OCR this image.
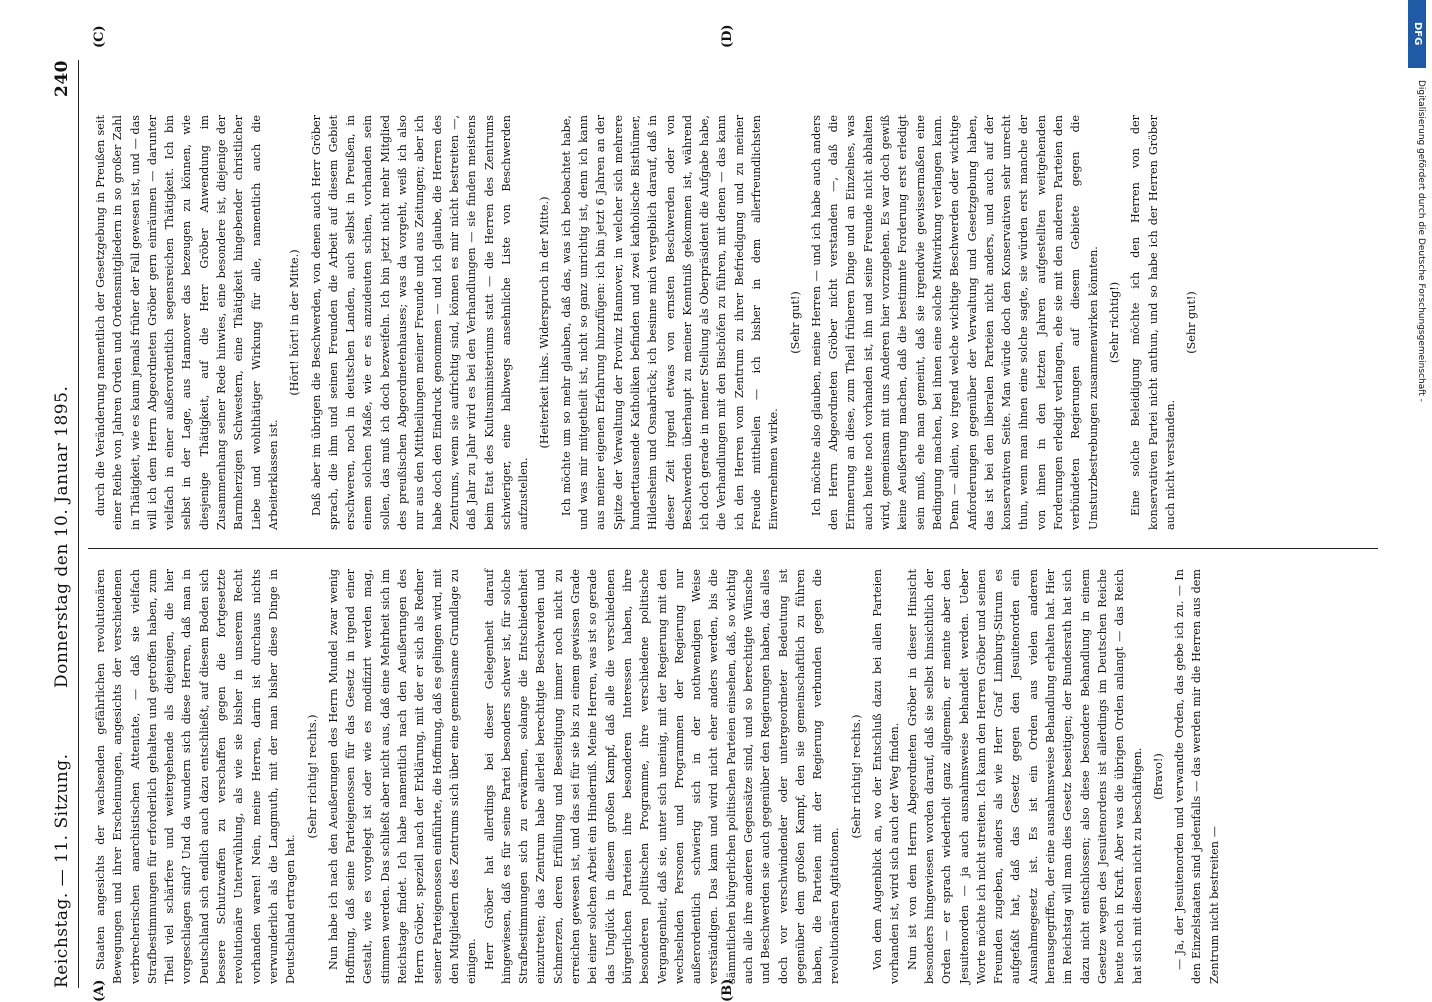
DFG
Digitalisierung gefördert durch die Deutsche Forschungsgemeinschaft -
Reichstag. — 11. Sitzung.
Donnerstag den 10. Januar 1895.
240
(A)	(B)
(C)	(D)

Staaten angesichts der wachsenden gefährlichen revolutionären Bewegungen und ihrer Erscheinungen, angesichts der verschiedenen verbrecherischen anarchistischen Attentate, — daß sie vielfach Strafbestimmungen für erforderlich gehalten und getroffen haben, zum Theil viel schärfere und weitergehende als diejenigen, die hier vorgeschlagen sind? Und da wundern sich diese Herren, daß man in Deutschland sich endlich auch dazu entschließt, auf diesem Boden sich bessere Schutzwaffen zu verschaffen gegen die fortgesetzte revolutionäre Unterwühlung, als wie sie bisher in unserem Recht vorhanden waren! Nein, meine Herren, darin ist durchaus nichts verwunderlich als die Langmuth, mit der man bisher diese Dinge in Deutschland ertragen hat.

(Sehr richtig! rechts.) Nun habe ich nach den Aeußerungen des Herrn Mundel zwar wenig Hoffnung, daß seine Parteigenossen für das Gesetz in irgend einer Gestalt, wie es vorgelegt ist oder wie es modifizirt werden mag, stimmen werden. Das schließt aber nicht aus, daß eine Mehrheit sich im Reichstage findet. Ich habe namentlich nach den Aeußerungen des Herrn Gröber, speziell nach der Erklärung, mit der er sich als Redner seiner Parteigenossen einführte, die Hoffnung, daß es gelingen wird, mit den Mitgliedern des Zentrums sich über eine gemeinsame Grundlage zu einigen. Herr Gröber hat allerdings bei dieser Gelegenheit darauf hingewiesen, daß es für seine Partei besonders schwer ist, für solche Strafbestimmungen sich zu erwärmen, solange die Entschiedenheit einzutreten; das Zentrum habe allerlei berechtigte Beschwerden und Schmerzen, deren Erfüllung und Beseitigung immer noch nicht zu erreichen gewesen ist, und das sei für sie bis zu einem gewissen Grade bei einer solchen Arbeit ein Hinderniß. Meine Herren, was ist so gerade das Unglück in diesem großen Kampf, daß alle die verschiedenen bürgerlichen Parteien ihre besonderen Interessen haben, ihre besonderen politischen Programme, ihre verschiedene politische Vergangenheit, daß sie, unter sich uneinig, mit der Regierung mit den wechselnden Personen und Programmen der Regierung nur außerordentlich schwierig sich in der nothwendigen Weise verständigen. Das kann und wird nicht eher anders werden, bis die sämmtlichen bürgerlichen politischen Parteien einsehen, daß, so wichtig auch alle ihre anderen Gegensätze sind, und so berechtigte Wünsche und Beschwerden sie auch gegenüber den Regierungen haben, das alles doch vor verschwindender oder untergeordneter Bedeutung ist gegenüber dem großen Kampf, den sie gemeinschaftlich zu führen haben, die Parteien mit der Regierung verbunden gegen die revolutionären Agitationen.

(Sehr richtig! rechts.) Von dem Augenblick an, wo der Entschluß dazu bei allen Parteien vorhanden ist, wird sich auch der Weg finden. Nun ist von dem Herrn Abgeordneten Gröber in dieser Hinsicht besonders hingewiesen worden darauf, daß sie selbst hinsichtlich der Orden — er sprach wiederholt ganz allgemein, er meinte aber den Jesuitenorden — ja auch ausnahmsweise behandelt werden. Ueber Worte möchte ich nicht streiten. Ich kann den Herren Gröber und seinen Freunden zugeben, anders als wie Herr Graf Limburg-Stirum es aufgefaßt hat, daß das Gesetz gegen den Jesuitenorden ein Ausnahmegesetz ist. Es ist ein Orden aus vielen anderen herausgegriffen, der eine ausnahmsweise Behandlung erhalten hat. Hier im Reichstag will man dies Gesetz beseitigen; der Bundesrath hat sich dazu nicht entschlossen; also diese besondere Behandlung in einem Gesetze wegen des Jesuitenordens ist allerdings im Deutschen Reiche heute noch in Kraft. Aber was die übrigen Orden anlangt — das Reich hat sich mit diesen nicht zu beschäftigen. (Bravo!) — Ja, der Jesuitenorden und verwandte Orden, das gebe ich zu. — In den Einzelstaaten sind jedenfalls — das werden mir die Herren aus dem Zentrum nicht bestreiten —

durch die Veränderung namentlich der Gesetzgebung in Preußen seit einer Reihe von Jahren Orden und Ordensmitgliedern in so großer Zahl in Thätigkeit, wie es kaum jemals früher der Fall gewesen ist, und — das will ich dem Herrn Abgeordneten Gröber gern einräumen — darunter vielfach in einer außerordentlich segensreichen Thätigkeit. Ich bin selbst in der Lage, aus Hannover das bezeugen zu können, wie diesjenige Thätigkeit, auf die Herr Gröber Anwendung im Zusammenhang seiner Rede hinwies, eine besondere ist, diejenige der Barmherzigen Schwestern, eine Thätigkeit hingebender christlicher Liebe und wohlthätiger Wirkung für alle, namentlich auch die Arbeiterklassen ist.

(Hört! hört! in der Mitte.) Daß aber im übrigen die Beschwerden, von denen auch Herr Gröber sprach, die ihm und seinen Freunden die Arbeit auf diesem Gebiet erschweren, noch in deutschen Landen, auch selbst in Preußen, in einem solchen Maße, wie er es anzudeuten schien, vorhanden sein sollen, das muß ich doch bezweifeln. Ich bin jetzt nicht mehr Mitglied des preußischen Abgeordnetenhauses; was da vorgeht, weiß ich also nur aus den Mittheilungen meiner Freunde und aus Zeitungen; aber ich habe doch den Eindruck genommen — und ich glaube, die Herren des Zentrums, wenn sie aufrichtig sind, können es mir nicht bestreiten —, daß Jahr zu Jahr wird es bei den Verhandlungen — sie finden meistens beim Etat des Kultusministeriums statt — die Herren des Zentrums schwieriger, eine halbwegs ansehnliche Liste von Beschwerden aufzustellen.

(Heiterkeit links. Widerspruch in der Mitte.) Ich möchte um so mehr glauben, daß das, was ich beobachtet habe, und was mir mitgetheilt ist, nicht so ganz unrichtig ist, denn ich kann aus meiner eigenen Erfahrung hinzufügen: ich bin jetzt 6 Jahren an der Spitze der Verwaltung der Provinz Hannover, in welcher sich mehrere hunderttausende Katholiken befinden und zwei katholische Bisthümer, Hildesheim und Osnabrück; ich besinne mich vergeblich darauf, daß in dieser Zeit irgend etwas von ernsten Beschwerden oder von Beschwerden überhaupt zu meiner Kenntniß gekommen ist, während ich doch gerade in meiner Stellung als Oberpräsident die Aufgabe habe, die Verhandlungen mit den Bischöfen zu führen, mit denen — das kann ich den Herren vom Zentrum zu ihrer Befriedigung und zu meiner Freude mittheilen — ich bisher in dem allerfreundlichsten Einvernehmen wirke.

(Sehr gut!) Ich möchte also glauben, meine Herren — und ich habe auch anders den Herrn Abgeordneten Gröber nicht verstanden —, daß die Erinnerung an diese, zum Theil früheren Dinge und an Einzelnes, was auch heute noch vorhanden ist, ihn und seine Freunde nicht abhalten wird, gemeinsam mit uns Anderen hier vorzugehen. Es war doch gewiß keine Aeußerung machen, daß die bestimmte Forderung erst erledigt sein muß, ehe man gemeint, daß sie irgendwie gewissermaßen eine Bedingung machen, bei ihnen eine solche Mitwirkung verlangen kann. Denn — allein, wo irgend welche wichtige Beschwerden oder wichtige Anforderungen gegenüber der Verwaltung und Gesetzgebung haben, das ist bei den liberalen Parteien nicht anders, und auch auf der konservativen Seite. Man würde doch den Konservativen sehr unrecht thun, wenn man ihnen eine solche sagte, sie würden erst manche der von ihnen in den letzten Jahren aufgestellten weitgehenden Forderungen erledigt verlangen, ehe sie mit den anderen Parteien den verbündeten Regierungen auf diesem Gebiete gegen die Umsturzbestrebungen zusammenwirken könnten. (Sehr richtig!) Eine solche Beleidigung möchte ich den Herren von der konservativen Partei nicht anthun, und so habe ich der Herren Gröber auch nicht verstanden.

(Sehr gut!)
